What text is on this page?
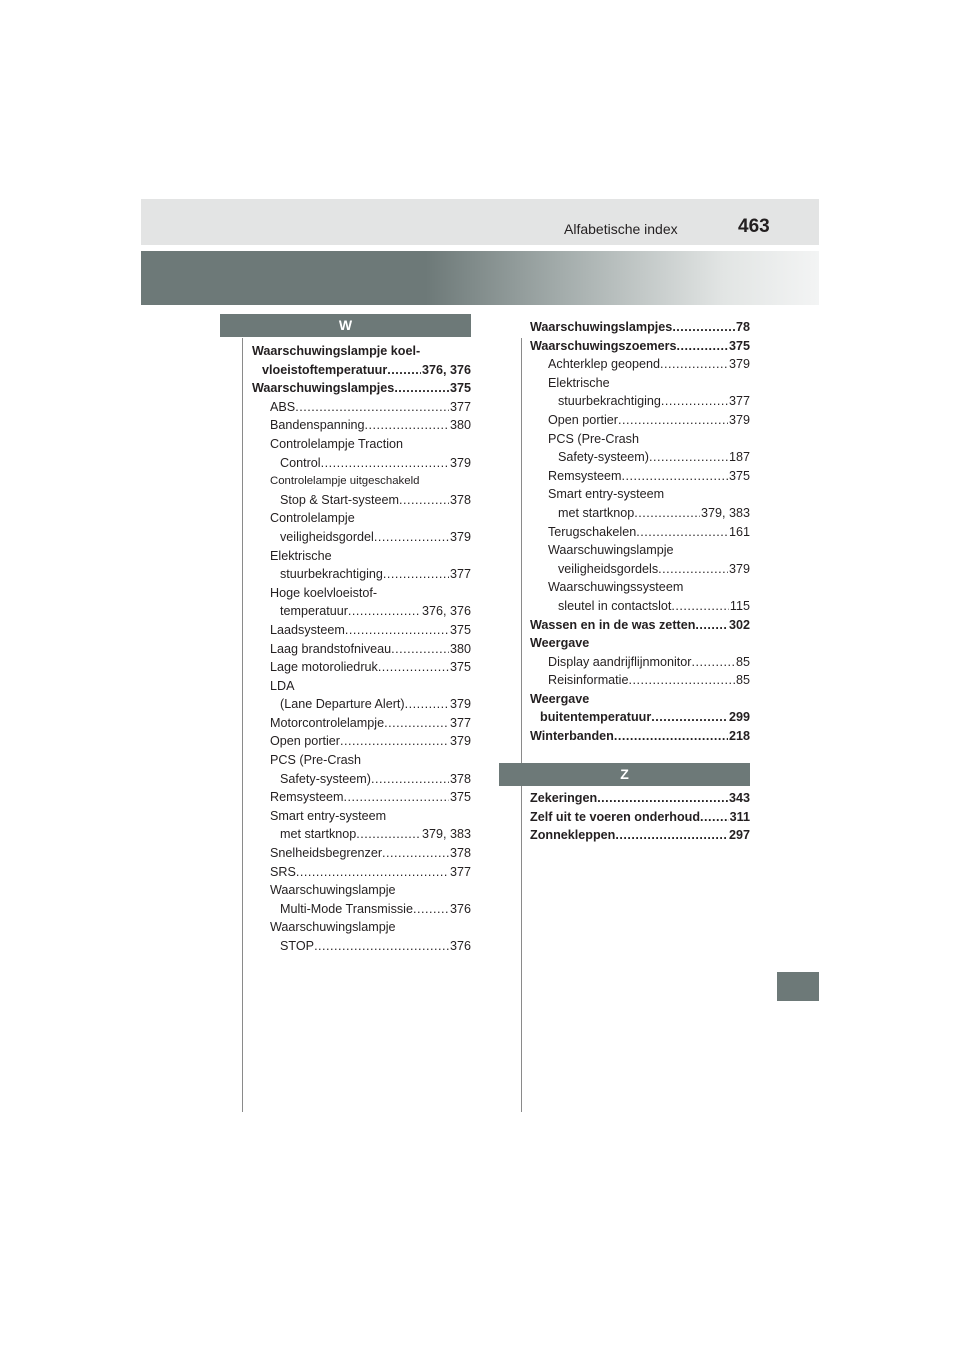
Alfabetische index	463
W
Waarschuwingslampje koel-
vloeistoftemperatuur .....	376, 376
Waarschuwingslampjes .....	375
ABS .....	377
Bandenspanning .....	380
Controlelampje Traction
Control .....	379
Controlelampje uitgeschakeld
Stop & Start-systeem .....	378
Controlelampje
veiligheidsgordel .....	379
Elektrische
stuurbekrachtiging .....	377
Hoge koelvloeistof-
temperatuur .....	376, 376
Laadsysteem .....	375
Laag brandstofniveau .....	380
Lage motoroliedruk .....	375
LDA
(Lane Departure Alert) .....	379
Motorcontrolelampje .....	377
Open portier .....	379
PCS (Pre-Crash
Safety-systeem) .....	378
Remsysteem .....	375
Smart entry-systeem
met startknop .....	379, 383
Snelheidsbegrenzer .....	378
SRS .....	377
Waarschuwingslampje
Multi-Mode Transmissie .....	376
Waarschuwingslampje
STOP .....	376
Waarschuwingslampjes .....	78
Waarschuwingszoemers .....	375
Achterklep geopend .....	379
Elektrische
stuurbekrachtiging .....	377
Open portier .....	379
PCS (Pre-Crash
Safety-systeem) .....	187
Remsysteem .....	375
Smart entry-systeem
met startknop .....	379, 383
Terugschakelen .....	161
Waarschuwingslampje
veiligheidsgordels .....	379
Waarschuwingssysteem
sleutel in contactslot .....	115
Wassen en in de was zetten .....	302
Weergave
Display aandrijflijnmonitor .....	85
Reisinformatie .....	85
Weergave
buitentemperatuur .....	299
Winterbanden .....	218
Z
Zekeringen .....	343
Zelf uit te voeren onderhoud ..... 311
Zonnekleppen .....	297
